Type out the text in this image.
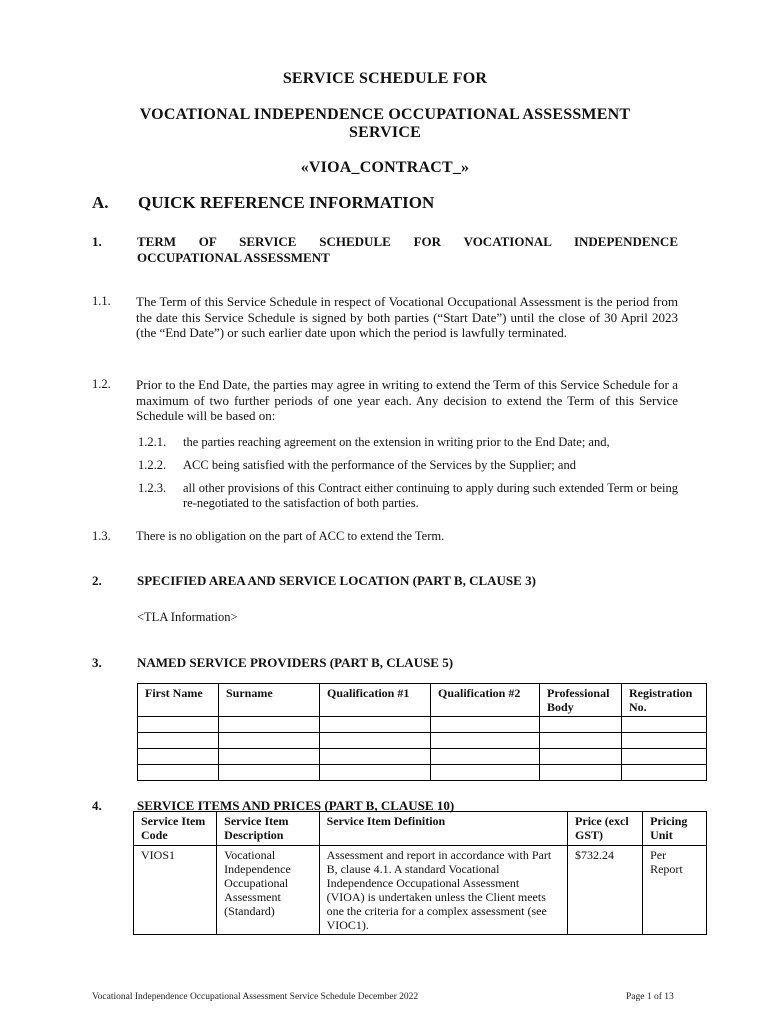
SERVICE SCHEDULE FOR
VOCATIONAL INDEPENDENCE OCCUPATIONAL ASSESSMENT
SERVICE
«VIOA_CONTRACT_»
A. QUICK REFERENCE INFORMATION
1.	TERM OF SERVICE SCHEDULE FOR VOCATIONAL INDEPENDENCE
OCCUPATIONAL ASSESSMENT
1.1. The Term of this Service Schedule in respect of Vocational Occupational Assessment is the period from the date this Service Schedule is signed by both parties (“Start Date”) until the close of 30 April 2023 (the “End Date”) or such earlier date upon which the period is lawfully terminated.
1.2. Prior to the End Date, the parties may agree in writing to extend the Term of this Service Schedule for a maximum of two further periods of one year each. Any decision to extend the Term of this Service Schedule will be based on:
1.2.1. the parties reaching agreement on the extension in writing prior to the End Date; and,
1.2.2. ACC being satisfied with the performance of the Services by the Supplier; and
1.2.3. all other provisions of this Contract either continuing to apply during such extended Term or being re-negotiated to the satisfaction of both parties.
1.3. There is no obligation on the part of ACC to extend the Term.
2.	SPECIFIED AREA AND SERVICE LOCATION (PART B, CLAUSE 3)
<TLA Information>
3.	NAMED SERVICE PROVIDERS (PART B, CLAUSE 5)
First Name	Surname	Qualification #1	Qualification #2	Professional Body	Registration No.

4.	SERVICE ITEMS AND PRICES (PART B, CLAUSE 10)
Service Item Code	Service Item Description	Service Item Definition	Price (excl GST)	Pricing Unit
VIOS1	Vocational Independence Occupational Assessment (Standard)	Assessment and report in accordance with Part B, clause 4.1. A standard Vocational Independence Occupational Assessment (VIOA) is undertaken unless the Client meets one the criteria for a complex assessment (see VIOC1).	$732.24	Per Report
Vocational Independence Occupational Assessment Service Schedule December 2022	Page 1 of 13
